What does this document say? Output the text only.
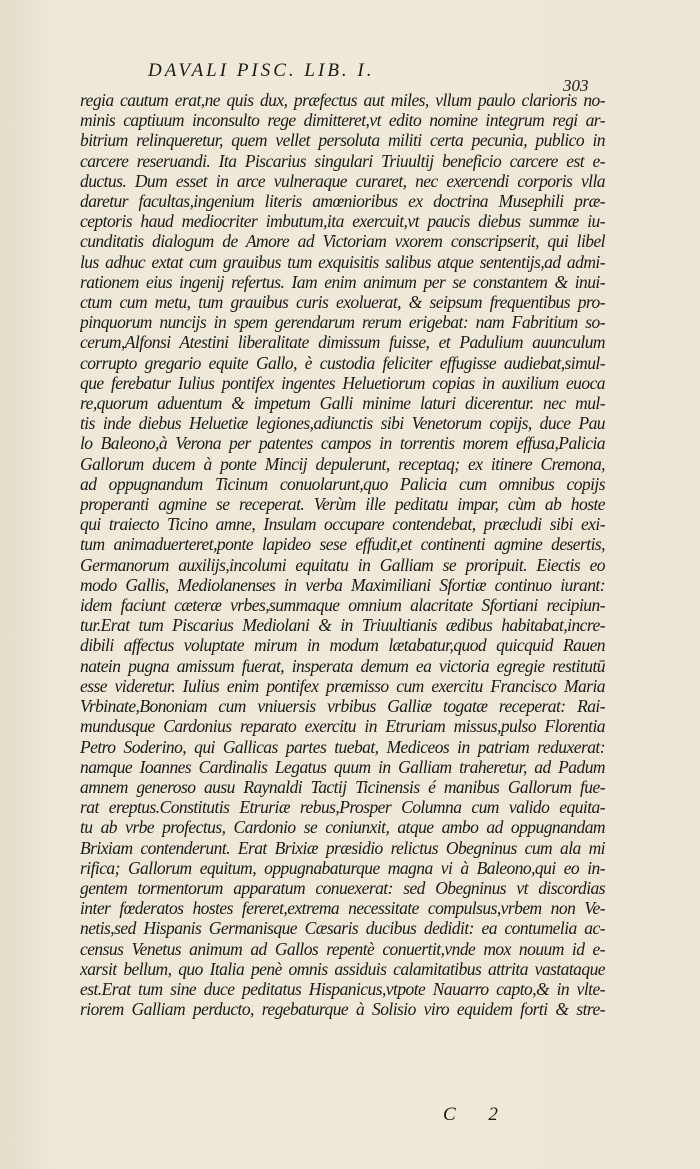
DAVALI PISC. LIB. I.
303
regia cautum erat,ne quis dux, præfectus aut miles, vllum paulo clarioris no-
minis captiuum inconsulto rege dimitteret,vt edito nomine integrum regi ar-
bitrium relinqueretur, quem vellet persoluta militi certa pecunia, publico in
carcere reseruandi. Ita Piscarius singulari Triuultij beneficio carcere est e-
ductus. Dum esset in arce vulneraque curaret, nec exercendi corporis vlla
daretur facultas,ingenium literis amœnioribus ex doctrina Musephili præ-
ceptoris haud mediocriter imbutum,ita exercuit,vt paucis diebus summæ iu-
cunditatis dialogum de Amore ad Victoriam vxorem conscripserit, qui libel
lus adhuc extat cum grauibus tum exquisitis salibus atque sententijs,ad admi-
rationem eius ingenij refertus. Iam enim animum per se constantem & inui-
ctum cum metu, tum grauibus curis exoluerat, & seipsum frequentibus pro-
pinquorum nuncijs in spem gerendarum rerum erigebat: nam Fabritium so-
cerum,Alfonsi Atestini liberalitate dimissum fuisse, et Padulium auunculum
corrupto gregario equite Gallo, è custodia feliciter effugisse audiebat,simul-
que ferebatur Iulius pontifex ingentes Heluetiorum copias in auxilium euoca
re,quorum aduentum & impetum Galli minime laturi dicerentur. nec mul-
tis inde diebus Heluetiæ legiones,adiunctis sibi Venetorum copijs, duce Pau
lo Baleono,à Verona per patentes campos in torrentis morem effusa,Palicia
Gallorum ducem à ponte Mincij depulerunt, receptaq; ex itinere Cremona,
ad oppugnandum Ticinum conuolarunt,quo Palicia cum omnibus copijs
properanti agmine se receperat. Verùm ille peditatu impar, cùm ab hoste
qui traiecto Ticino amne, Insulam occupare contendebat, præcludi sibi exi-
tum animaduerteret,ponte lapideo sese effudit,et continenti agmine desertis,
Germanorum auxilijs,incolumi equitatu in Galliam se proripuit. Eiectis eo
modo Gallis, Mediolanenses in verba Maximiliani Sfortiæ continuo iurant:
idem faciunt cæteræ vrbes,summaque omnium alacritate Sfortiani recipiun-
tur.Erat tum Piscarius Mediolani & in Triuultianis ædibus habitabat,incre-
dibili affectus voluptate mirum in modum lætabatur,quod quicquid Rauen
natein pugna amissum fuerat, insperata demum ea victoria egregie restitutū
esse videretur. Iulius enim pontifex præmisso cum exercitu Francisco Maria
Vrbinate,Bononiam cum vniuersis vrbibus Galliæ togatæ receperat: Rai-
mundusque Cardonius reparato exercitu in Etruriam missus,pulso Florentia
Petro Soderino, qui Gallicas partes tuebat, Mediceos in patriam reduxerat:
namque Ioannes Cardinalis Legatus quum in Galliam traheretur, ad Padum
amnem generoso ausu Raynaldi Tactij Ticinensis é manibus Gallorum fue-
rat ereptus.Constitutis Etruriæ rebus,Prosper Columna cum valido equita-
tu ab vrbe profectus, Cardonio se coniunxit, atque ambo ad oppugnandam
Brixiam contenderunt. Erat Brixiæ præsidio relictus Obegninus cum ala mi
rifica; Gallorum equitum, oppugnabaturque magna vi à Baleono,qui eo in-
gentem tormentorum apparatum conuexerat: sed Obegninus vt discordias
inter fœderatos hostes fereret,extrema necessitate compulsus,vrbem non Ve-
netis,sed Hispanis Germanisque Cæsaris ducibus dedidit: ea contumelia ac-
census Venetus animum ad Gallos repentè conuertit,vnde mox nouum id e-
xarsit bellum, quo Italia penè omnis assiduis calamitatibus attrita vastataque
est.Erat tum sine duce peditatus Hispanicus,vtpote Nauarro capto,& in vlte-
riorem Galliam perducto, regebaturque à Solisio viro equidem forti & stre-
C 2
